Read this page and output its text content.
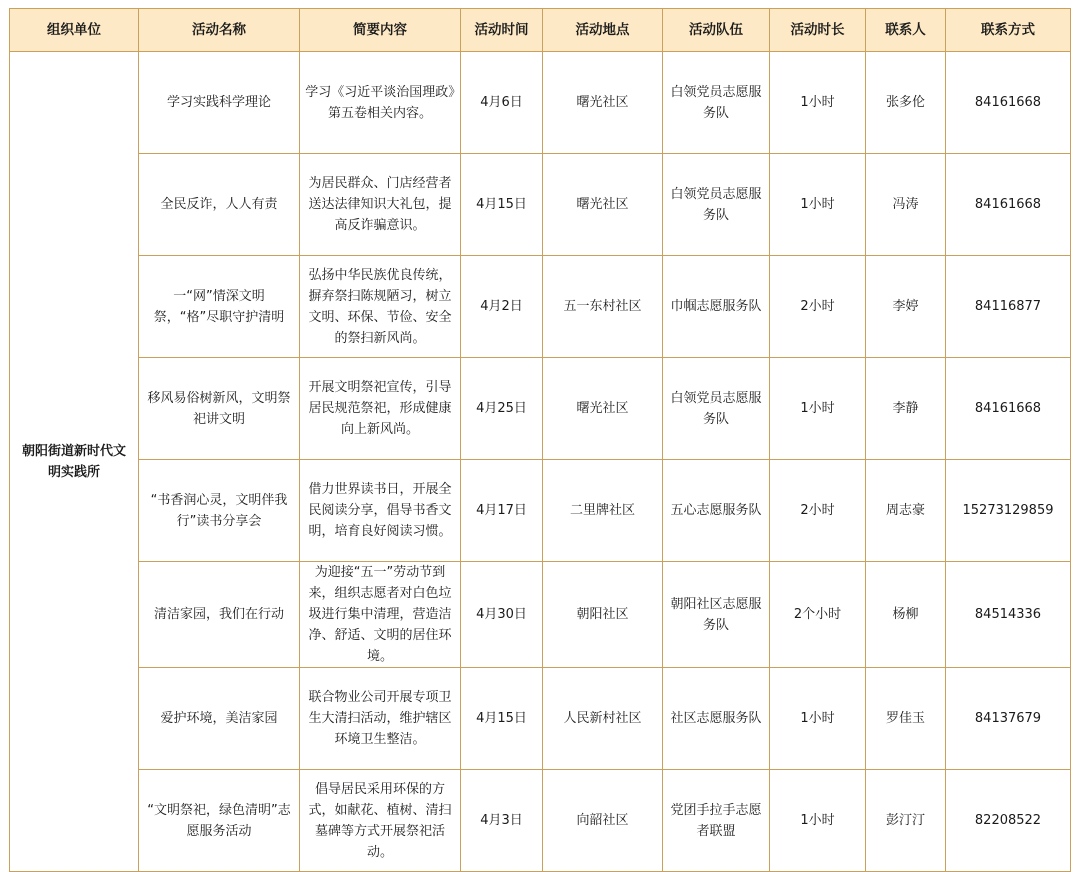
组织单位	活动名称	简要内容	活动时间	活动地点	活动队伍	活动时长	联系人	联系方式
朝阳街道新时代文明实践所	学习实践科学理论	学习《习近平谈治国理政》第五卷相关内容。	4月6日	曙光社区	白领党员志愿服务队	1小时	张多伦	84161668
	全民反诈，人人有责	为居民群众、门店经营者送达法律知识大礼包，提高反诈骗意识。	4月15日	曙光社区	白领党员志愿服务队	1小时	冯涛	84161668
	一“网”情深文明祭，“格”尽职守护清明	弘扬中华民族优良传统，摒弃祭扫陈规陋习，树立文明、环保、节俭、安全的祭扫新风尚。	4月2日	五一东村社区	巾帼志愿服务队	2小时	李婷	84116877
	移风易俗树新风，文明祭祀讲文明	开展文明祭祀宣传，引导居民规范祭祀，形成健康向上新风尚。	4月25日	曙光社区	白领党员志愿服务队	1小时	李静	84161668
	“书香润心灵，文明伴我行”读书分享会	借力世界读书日，开展全民阅读分享，倡导书香文明，培育良好阅读习惯。	4月17日	二里牌社区	五心志愿服务队	2小时	周志豪	15273129859
	清洁家园，我们在行动	为迎接“五一”劳动节到来，组织志愿者对白色垃圾进行集中清理，营造洁净、舒适、文明的居住环境。	4月30日	朝阳社区	朝阳社区志愿服务队	2个小时	杨柳	84514336
	爱护环境，美洁家园	联合物业公司开展专项卫生大清扫活动，维护辖区环境卫生整洁。	4月15日	人民新村社区	社区志愿服务队	1小时	罗佳玉	84137679
	“文明祭祀，绿色清明”志愿服务活动	倡导居民采用环保的方式，如献花、植树、清扫墓碑等方式开展祭祀活动。	4月3日	向韶社区	党团手拉手志愿者联盟	1小时	彭汀汀	82208522
